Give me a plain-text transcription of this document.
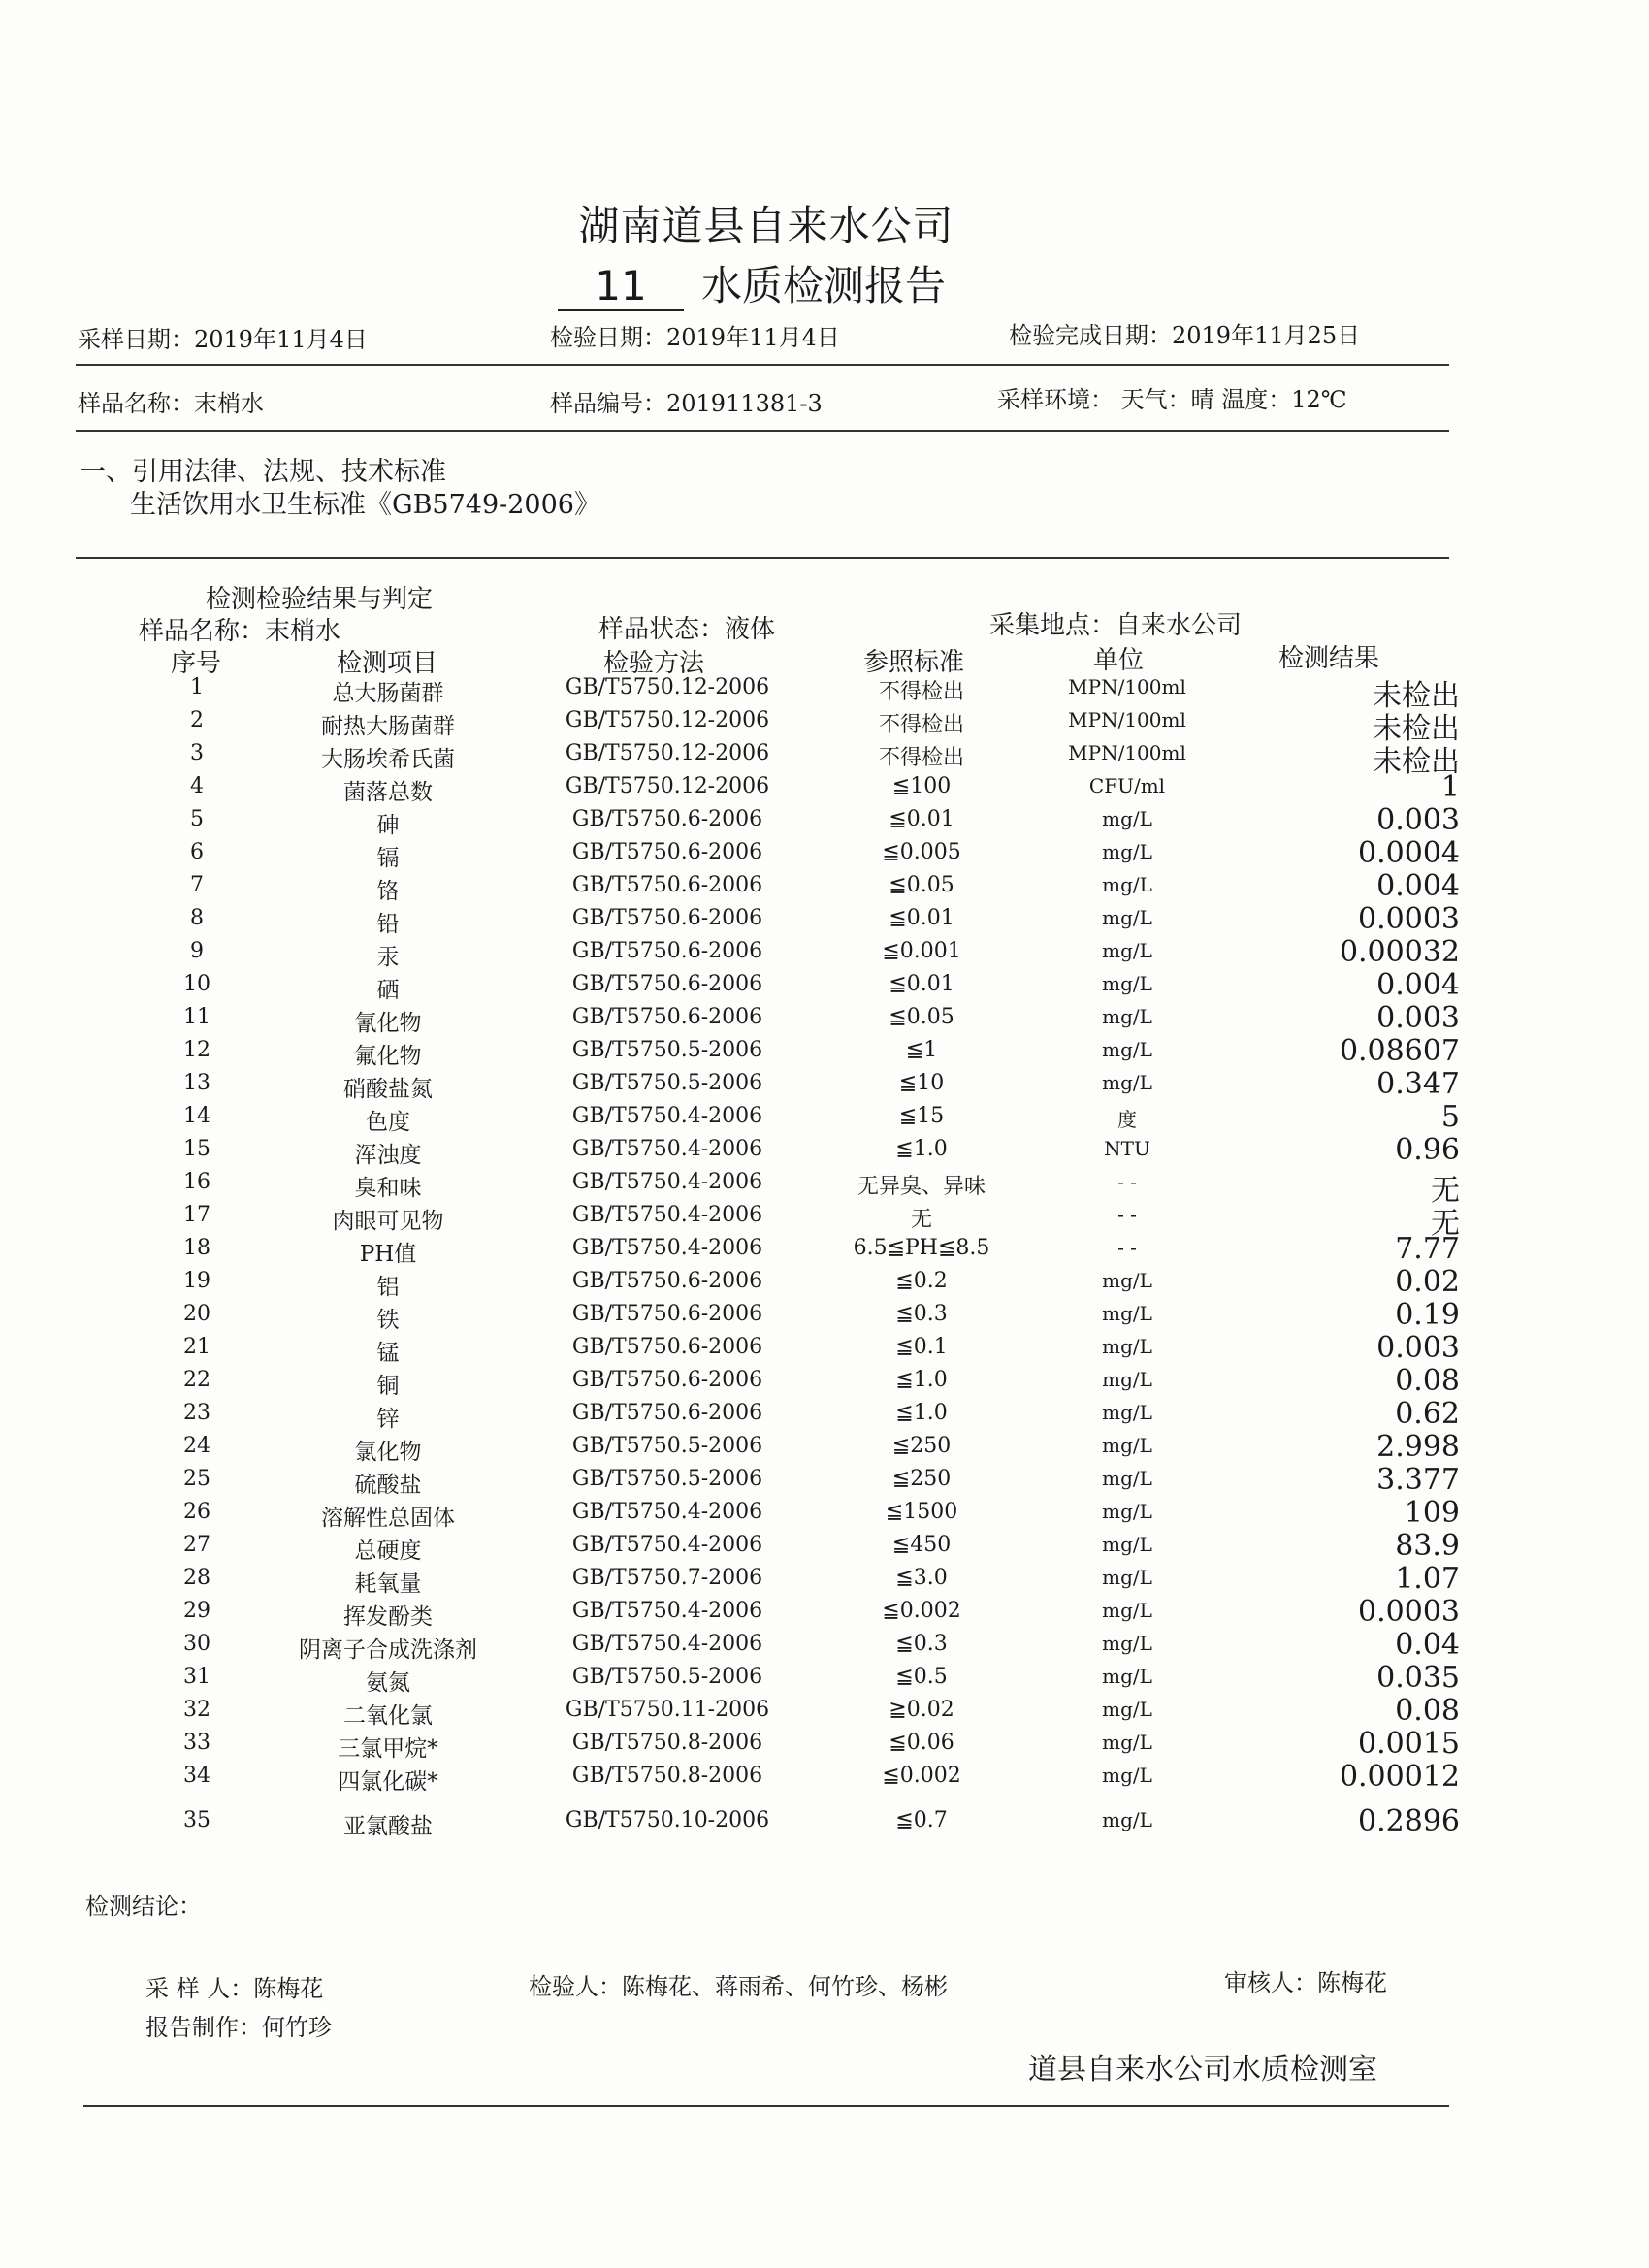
湖南道县自来水公司
11 水质检测报告
采样日期：2019年11月4日	检验日期：2019年11月4日	检验完成日期：2019年11月25日
样品名称：末梢水	样品编号：201911381-3	采样环境： 天气：晴 温度：12℃
一、引用法律、法规、技术标准
生活饮用水卫生标准《GB5749-2006》
检测检验结果与判定
样品名称：末梢水	样品状态：液体	采集地点：自来水公司
序号	检测项目	检验方法	参照标准	单位	检测结果
1	总大肠菌群	GB/T5750.12-2006	不得检出	MPN/100ml	未检出
2	耐热大肠菌群	GB/T5750.12-2006	不得检出	MPN/100ml	未检出
3	大肠埃希氏菌	GB/T5750.12-2006	不得检出	MPN/100ml	未检出
4	菌落总数	GB/T5750.12-2006	≦100	CFU/ml	1
5	砷	GB/T5750.6-2006	≦0.01	mg/L	0.003
6	镉	GB/T5750.6-2006	≦0.005	mg/L	0.0004
7	铬	GB/T5750.6-2006	≦0.05	mg/L	0.004
8	铅	GB/T5750.6-2006	≦0.01	mg/L	0.0003
9	汞	GB/T5750.6-2006	≦0.001	mg/L	0.00032
10	硒	GB/T5750.6-2006	≦0.01	mg/L	0.004
11	氰化物	GB/T5750.6-2006	≦0.05	mg/L	0.003
12	氟化物	GB/T5750.5-2006	≦1	mg/L	0.08607
13	硝酸盐氮	GB/T5750.5-2006	≦10	mg/L	0.347
14	色度	GB/T5750.4-2006	≦15	度	5
15	浑浊度	GB/T5750.4-2006	≦1.0	NTU	0.96
16	臭和味	GB/T5750.4-2006	无异臭、异味	- -	无
17	肉眼可见物	GB/T5750.4-2006	无	- -	无
18	PH值	GB/T5750.4-2006	6.5≦PH≦8.5	- -	7.77
19	铝	GB/T5750.6-2006	≦0.2	mg/L	0.02
20	铁	GB/T5750.6-2006	≦0.3	mg/L	0.19
21	锰	GB/T5750.6-2006	≦0.1	mg/L	0.003
22	铜	GB/T5750.6-2006	≦1.0	mg/L	0.08
23	锌	GB/T5750.6-2006	≦1.0	mg/L	0.62
24	氯化物	GB/T5750.5-2006	≦250	mg/L	2.998
25	硫酸盐	GB/T5750.5-2006	≦250	mg/L	3.377
26	溶解性总固体	GB/T5750.4-2006	≦1500	mg/L	109
27	总硬度	GB/T5750.4-2006	≦450	mg/L	83.9
28	耗氧量	GB/T5750.7-2006	≦3.0	mg/L	1.07
29	挥发酚类	GB/T5750.4-2006	≦0.002	mg/L	0.0003
30	阴离子合成洗涤剂	GB/T5750.4-2006	≦0.3	mg/L	0.04
31	氨氮	GB/T5750.5-2006	≦0.5	mg/L	0.035
32	二氧化氯	GB/T5750.11-2006	≧0.02	mg/L	0.08
33	三氯甲烷*	GB/T5750.8-2006	≦0.06	mg/L	0.0015
34	四氯化碳*	GB/T5750.8-2006	≦0.002	mg/L	0.00012
35	亚氯酸盐	GB/T5750.10-2006	≦0.7	mg/L	0.2896
检测结论：
采 样 人：陈梅花	检验人：陈梅花、蒋雨希、何竹珍、杨彬	审核人：陈梅花
报告制作：何竹珍
道县自来水公司水质检测室
